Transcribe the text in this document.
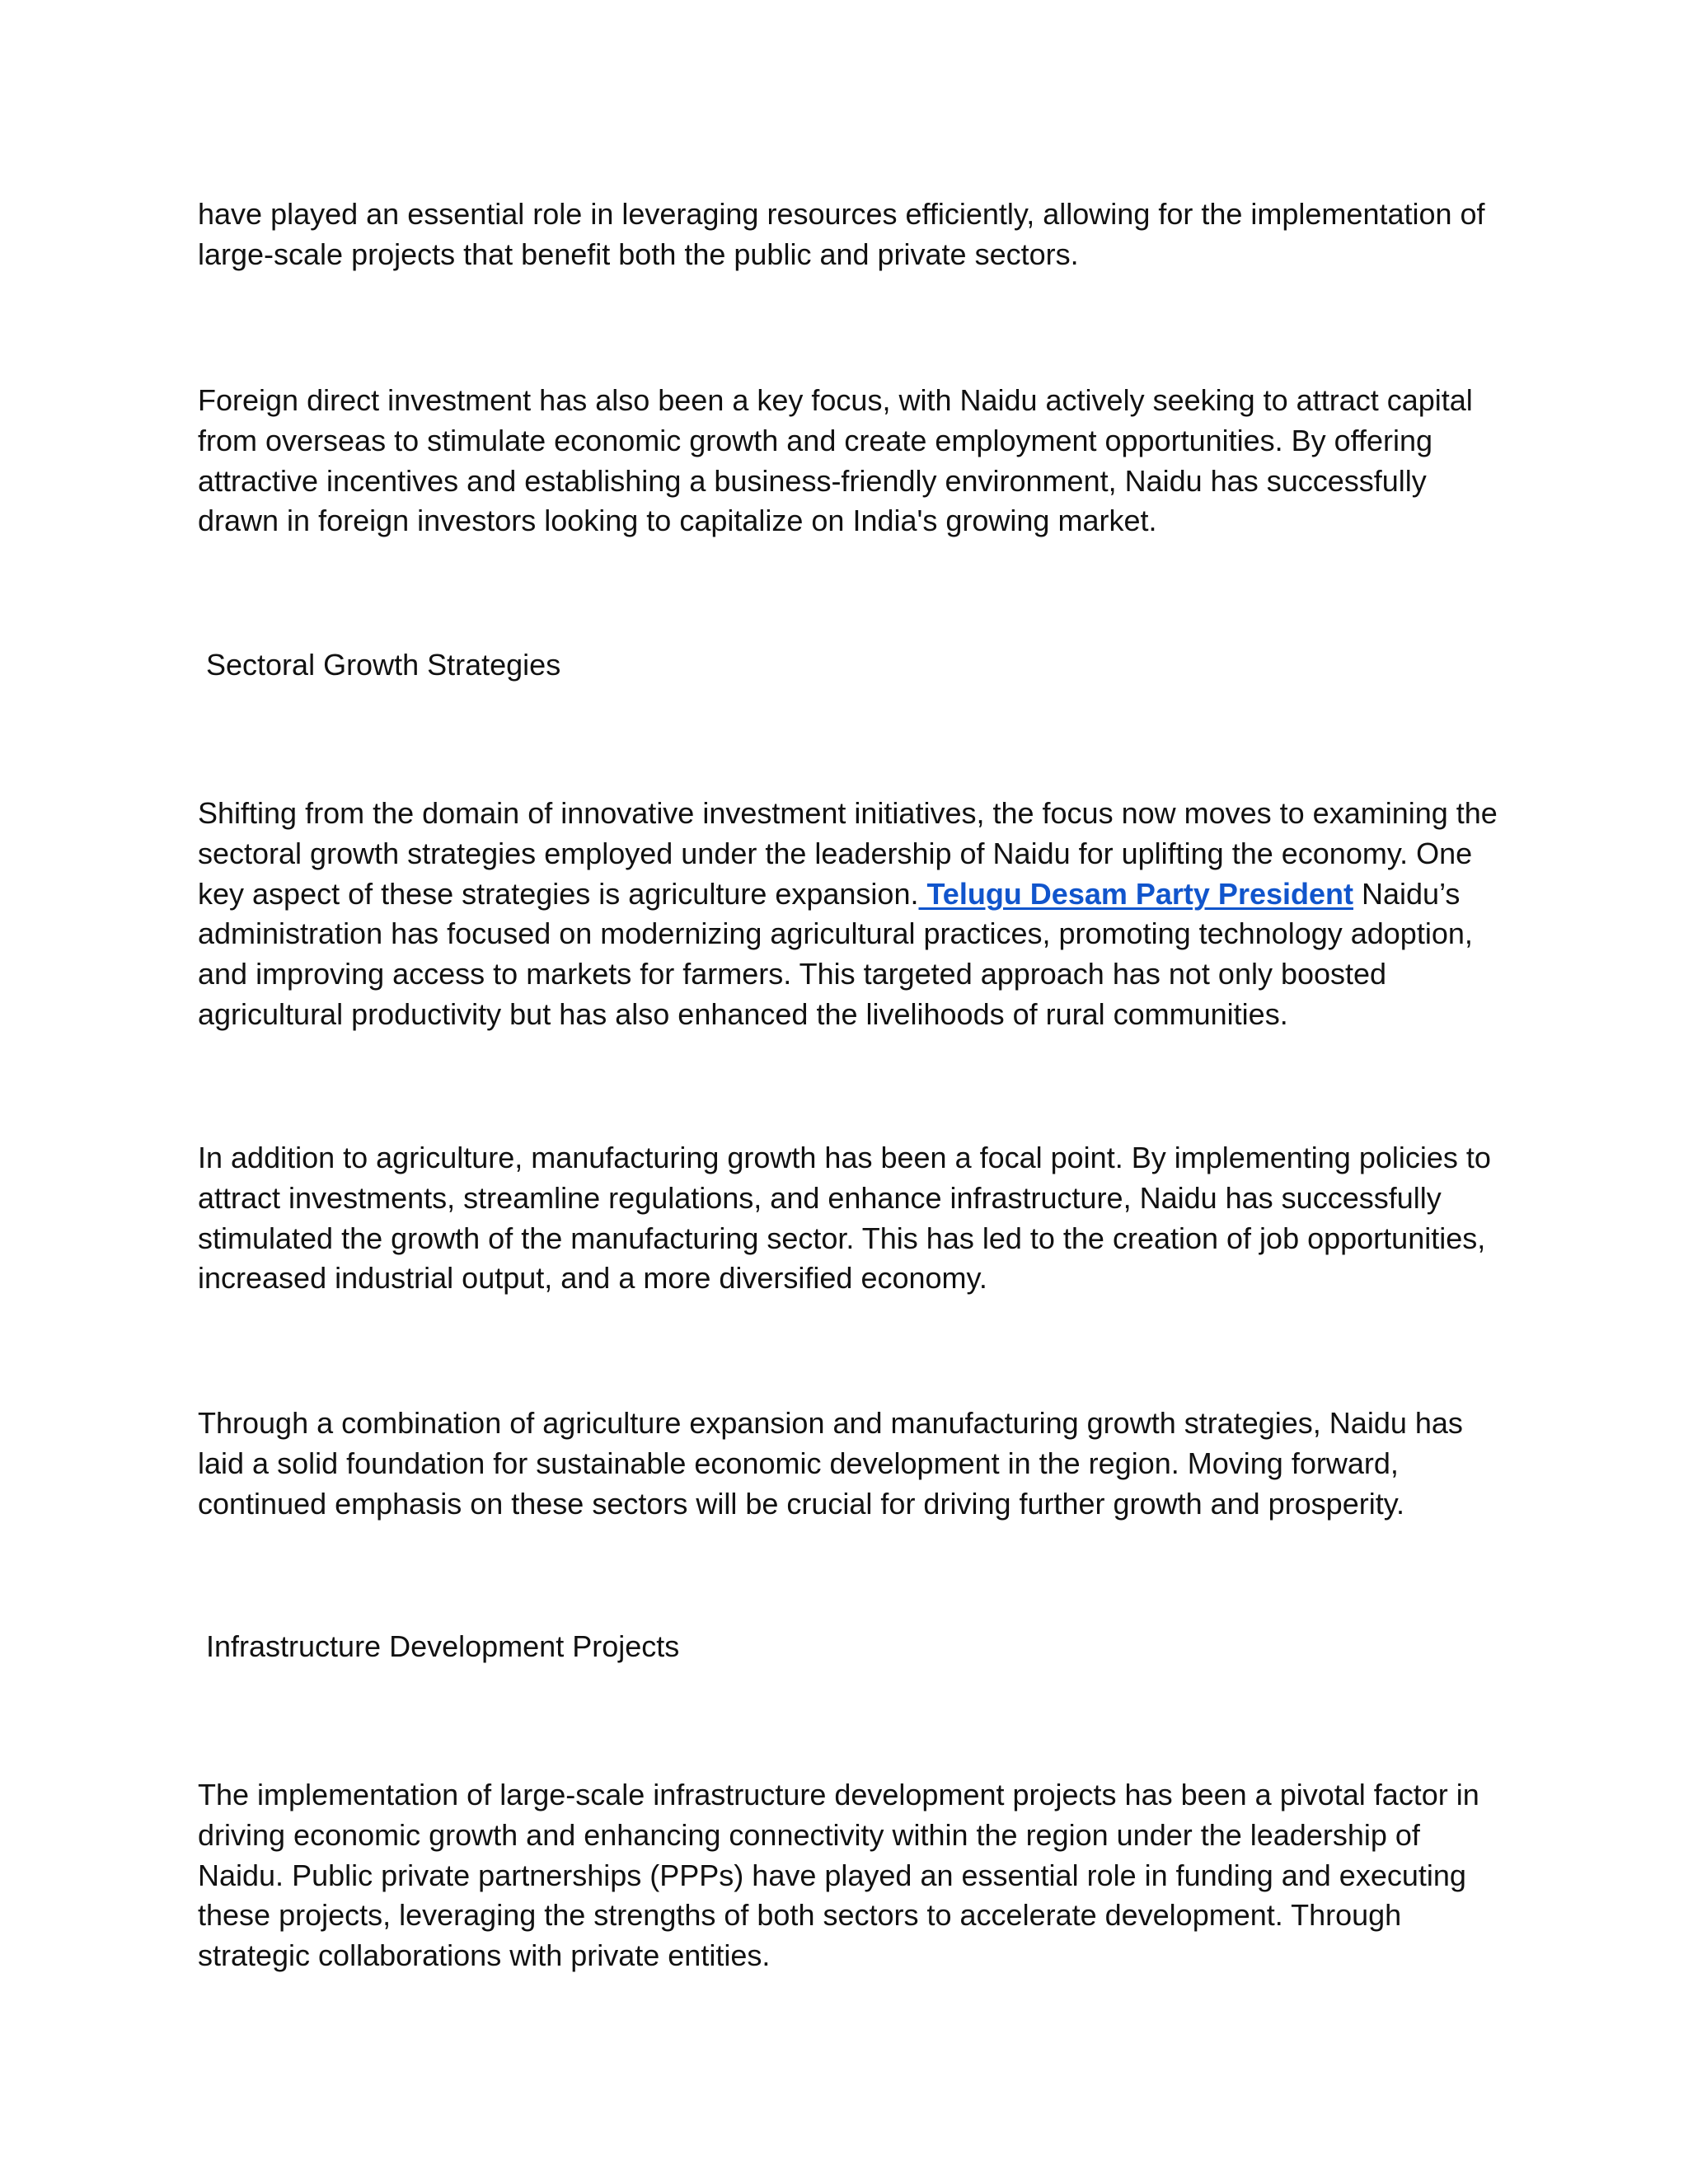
have played an essential role in leveraging resources efficiently, allowing for the implementation of large-scale projects that benefit both the public and private sectors.

Foreign direct investment has also been a key focus, with Naidu actively seeking to attract capital from overseas to stimulate economic growth and create employment opportunities. By offering attractive incentives and establishing a business-friendly environment, Naidu has successfully drawn in foreign investors looking to capitalize on India's growing market.

Sectoral Growth Strategies

Shifting from the domain of innovative investment initiatives, the focus now moves to examining the sectoral growth strategies employed under the leadership of Naidu for uplifting the economy. One key aspect of these strategies is agriculture expansion. Telugu Desam Party President Naidu’s administration has focused on modernizing agricultural practices, promoting technology adoption, and improving access to markets for farmers. This targeted approach has not only boosted agricultural productivity but has also enhanced the livelihoods of rural communities.

In addition to agriculture, manufacturing growth has been a focal point. By implementing policies to attract investments, streamline regulations, and enhance infrastructure, Naidu has successfully stimulated the growth of the manufacturing sector. This has led to the creation of job opportunities, increased industrial output, and a more diversified economy.

Through a combination of agriculture expansion and manufacturing growth strategies, Naidu has laid a solid foundation for sustainable economic development in the region. Moving forward, continued emphasis on these sectors will be crucial for driving further growth and prosperity.

Infrastructure Development Projects

The implementation of large-scale infrastructure development projects has been a pivotal factor in driving economic growth and enhancing connectivity within the region under the leadership of Naidu. Public private partnerships (PPPs) have played an essential role in funding and executing these projects, leveraging the strengths of both sectors to accelerate development. Through strategic collaborations with private entities.
